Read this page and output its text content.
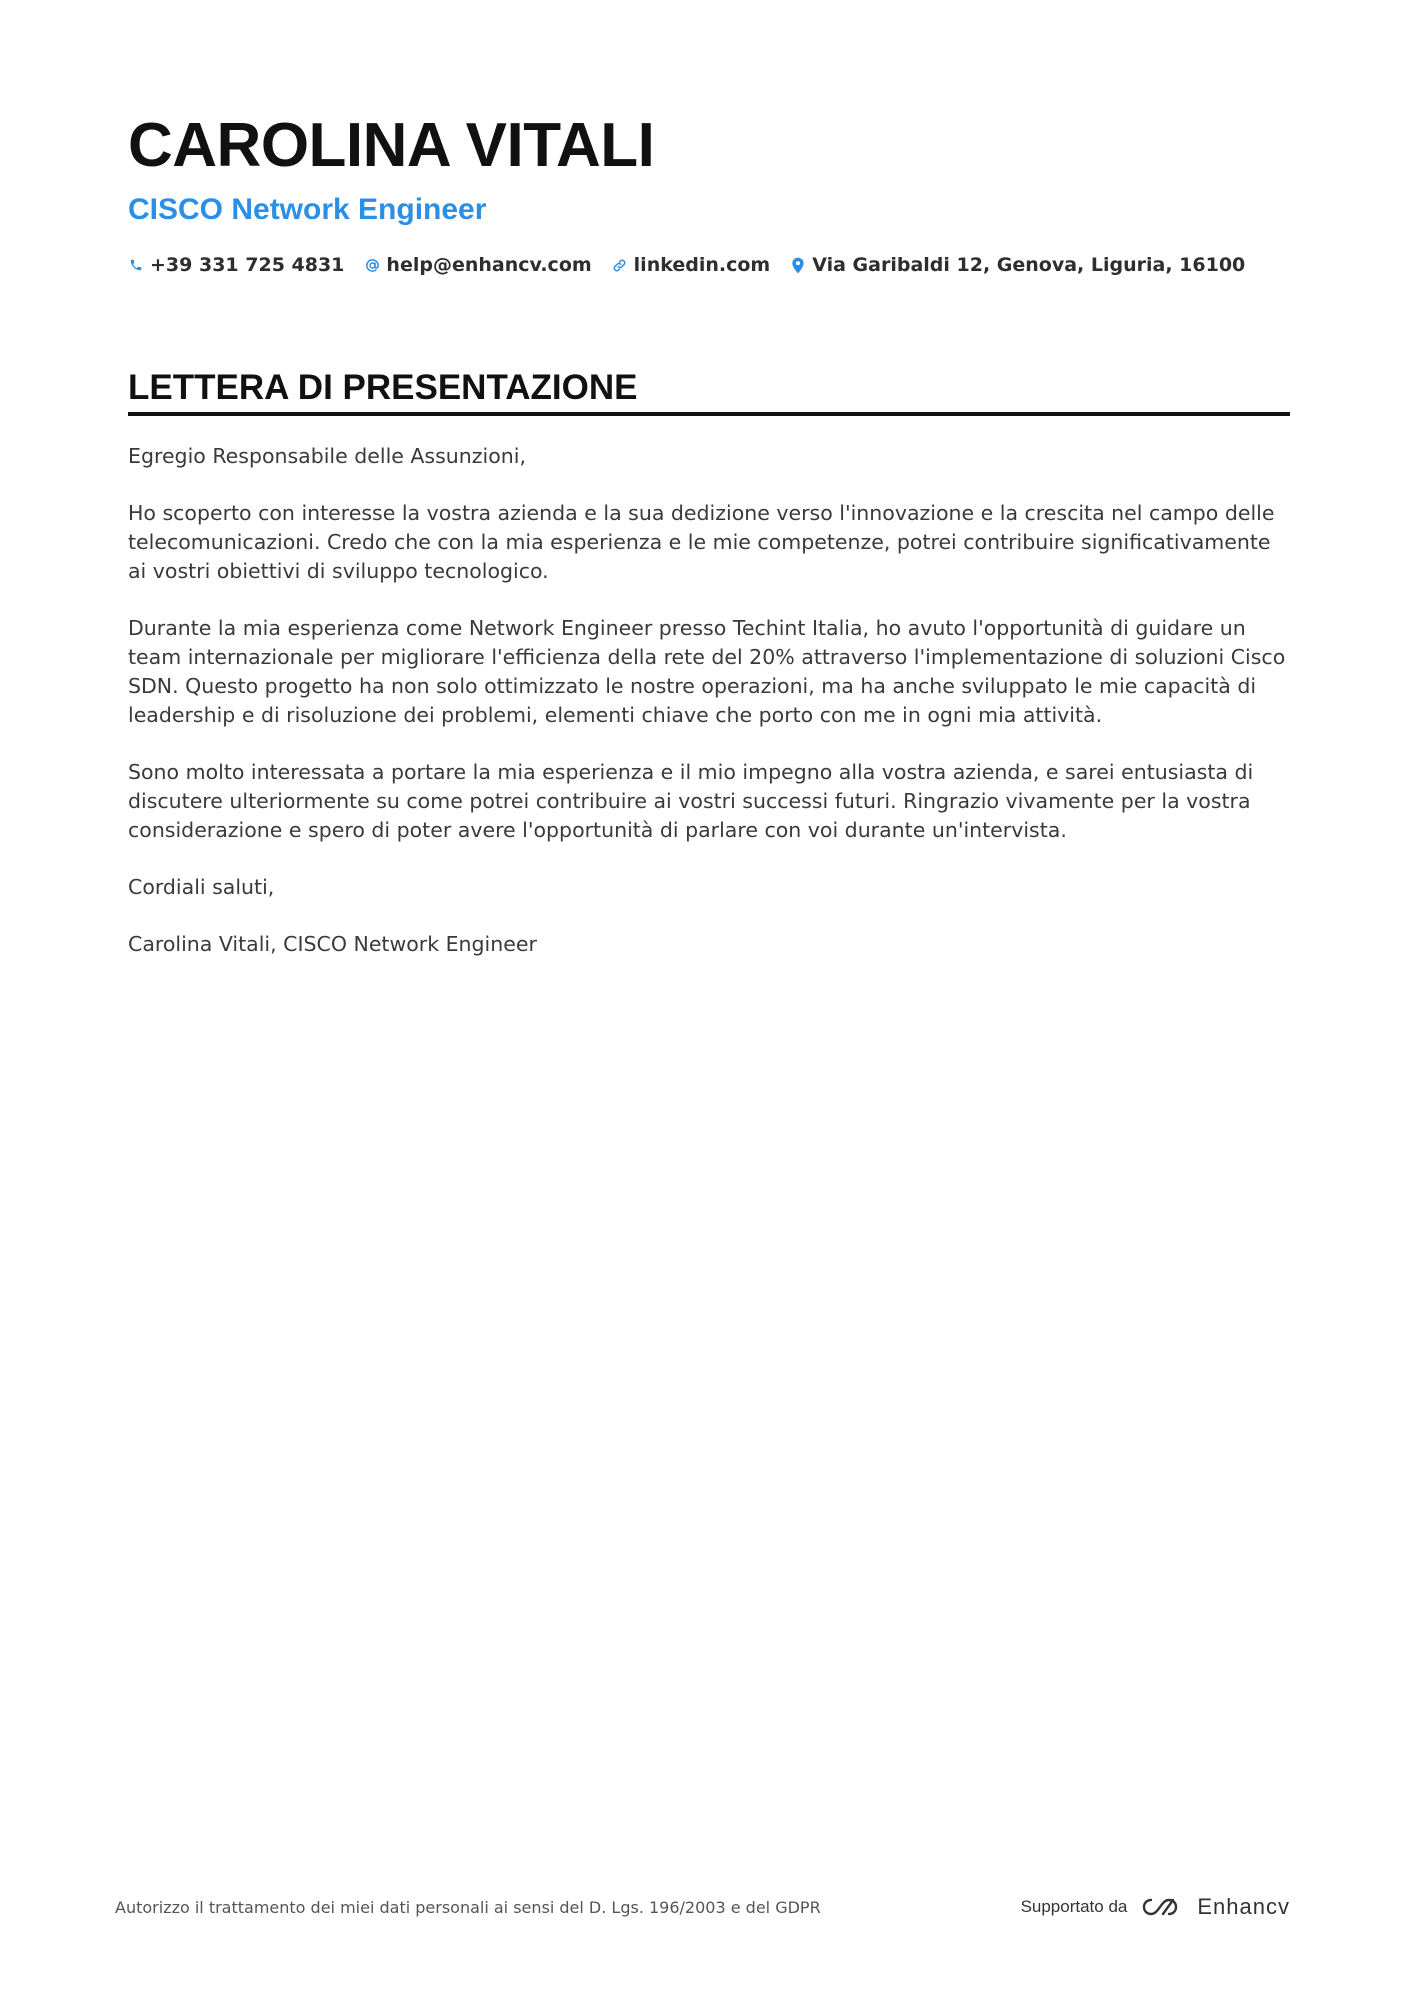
CAROLINA VITALI
CISCO Network Engineer
+39 331 725 4831 help@enhancv.com linkedin.com Via Garibaldi 12, Genova, Liguria, 16100
LETTERA DI PRESENTAZIONE

Egregio Responsabile delle Assunzioni,

Ho scoperto con interesse la vostra azienda e la sua dedizione verso l'innovazione e la crescita nel campo delle telecomunicazioni. Credo che con la mia esperienza e le mie competenze, potrei contribuire significativamente ai vostri obiettivi di sviluppo tecnologico.

Durante la mia esperienza come Network Engineer presso Techint Italia, ho avuto l'opportunità di guidare un team internazionale per migliorare l'efficienza della rete del 20% attraverso l'implementazione di soluzioni Cisco SDN. Questo progetto ha non solo ottimizzato le nostre operazioni, ma ha anche sviluppato le mie capacità di leadership e di risoluzione dei problemi, elementi chiave che porto con me in ogni mia attività.

Sono molto interessata a portare la mia esperienza e il mio impegno alla vostra azienda, e sarei entusiasta di discutere ulteriormente su come potrei contribuire ai vostri successi futuri. Ringrazio vivamente per la vostra considerazione e spero di poter avere l'opportunità di parlare con voi durante un'intervista.

Cordiali saluti,

Carolina Vitali, CISCO Network Engineer

Autorizzo il trattamento dei miei dati personali ai sensi del D. Lgs. 196/2003 e del GDPR	Supportato da	Enhancv
